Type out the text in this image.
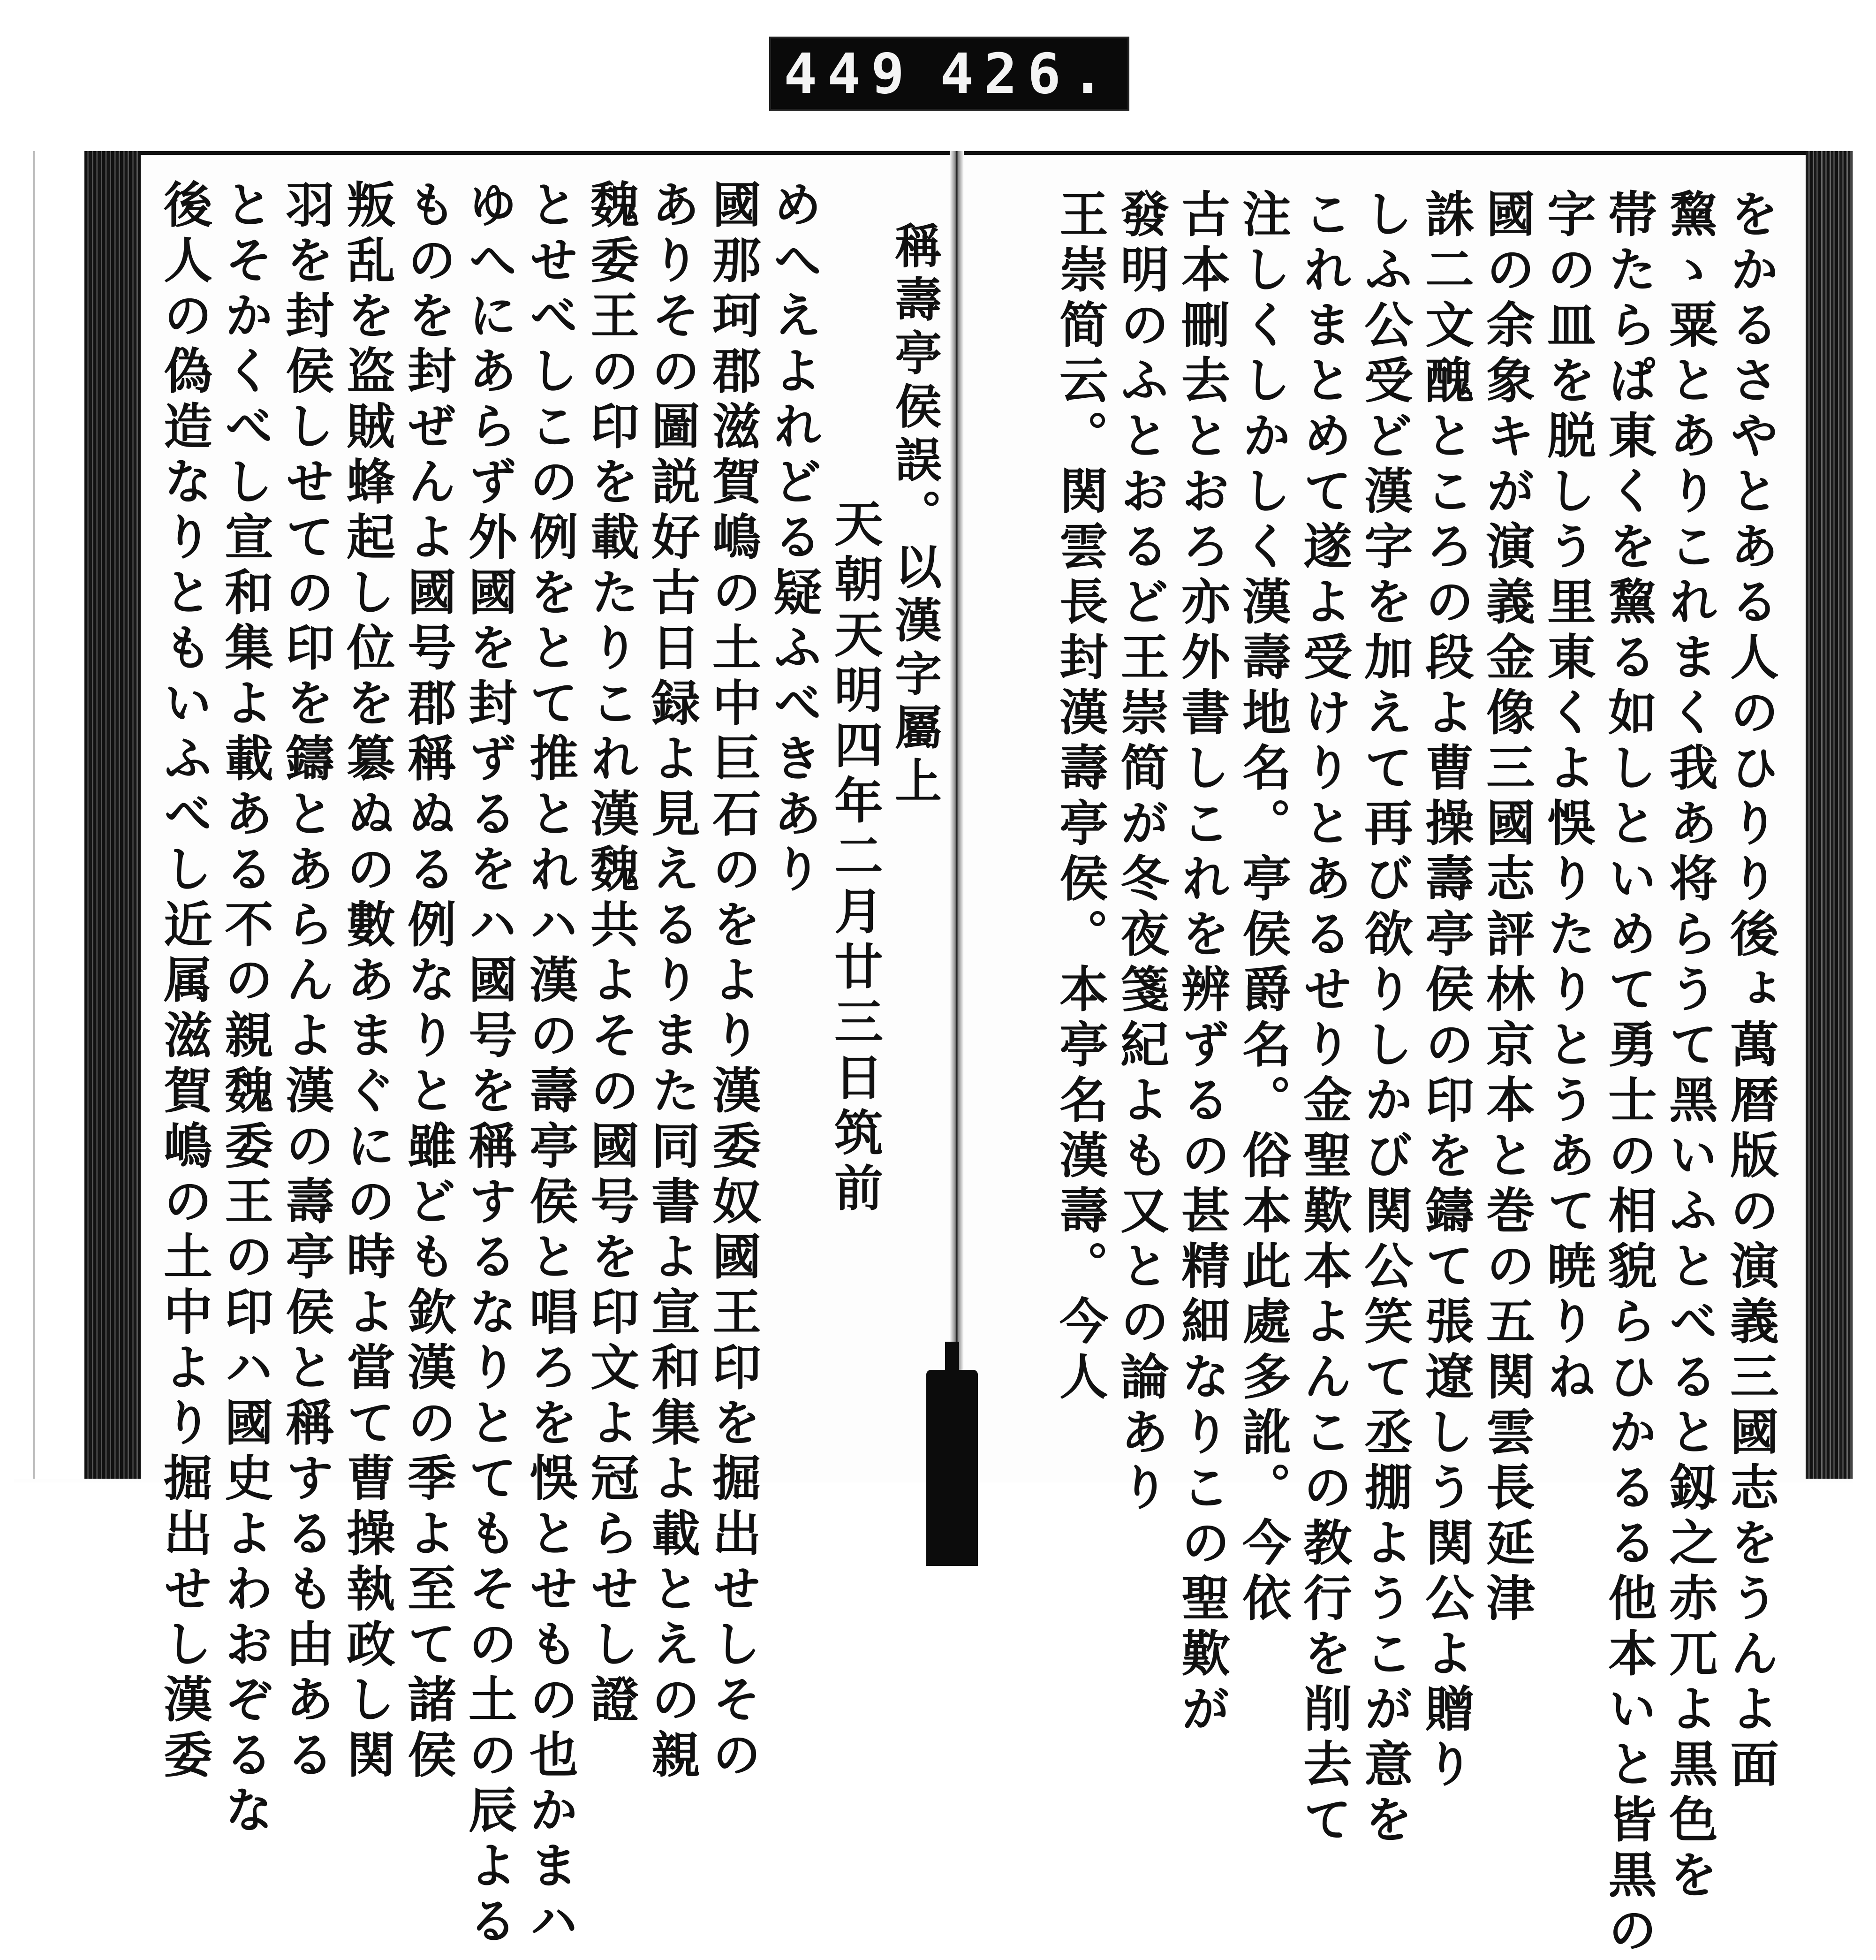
449 426.
をかるさやとある人のひりり後ょ萬暦版の演義三國志をうんよ面
黧ゝ粟とありこれまく我あ将らうて黑いふとべると釼之赤兀よ黒色を
帯たらぱ東くを黧る如しといめて勇士の相貌らひかるる他本いと皆黒の
字の皿を脱しう里東くよ悞りたりとうあて暁りね
國の余象キが演義金像三國志評林京本と巻の五関雲長延津
誅二文醜ところの段よ曹操壽亭侯の印を鑄て張遼しう関公よ贈り
しふ公受ど漢字を加えて再び欲りしかび関公笑て丞掤ようこが意を
これまとめて遂よ受けりとあるせり金聖歎本よんこの教行を削去て
注しくしかしく漢壽地名。亭侯爵名。俗本此處多訛。今依
古本刪去とおろ亦外書しこれを辨ずるの甚精細なりこの聖歎が
發明のふとおるど王崇简が冬夜箋紀よも又との論あり
王崇简云。関雲長封漢壽亭侯。本亭名漢壽。今人
稱壽亭侯誤。以漢字屬上
天朝天明四年二月廿三日筑前
めへえよれどる疑ふべきあり
國那珂郡滋賀嶋の土中巨石のをより漢委奴國王印を掘出せしその
ありその圖説好古日録よ見えるりまた同書よ宣和集よ載とえの親
魏委王の印を載たりこれ漢魏共よその國号を印文よ冠らせし證
とせべしこの例をとて推とれハ漢の壽亭侯と唱ろを悞とせもの也かまハ
ゆへにあらず外國を封ずるをハ國号を稱するなりとてもその土の辰よる
ものを封ぜんよ國号郡稱ぬる例なりと雖ども欽漢の季よ至て諸侯
叛乱を盗賊蜂起し位を簒ぬの數あまぐにの時よ當て曹操執政し関
羽を封侯しせての印を鑄とあらんよ漢の壽亭侯と稱するも由ある
とそかくべし宣和集よ載ある不の親魏委王の印ハ國史よわおぞるな
後人の偽造なりともいふべし近属滋賀嶋の土中より掘出せし漢委
